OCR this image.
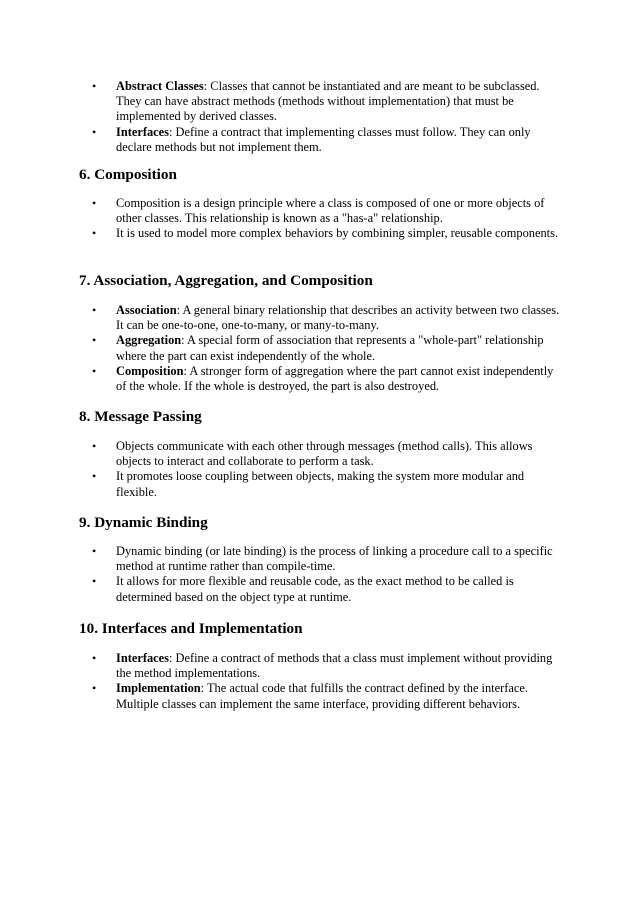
• Abstract Classes: Classes that cannot be instantiated and are meant to be subclassed. They can have abstract methods (methods without implementation) that must be implemented by derived classes.
• Interfaces: Define a contract that implementing classes must follow. They can only declare methods but not implement them.
6. Composition
• Composition is a design principle where a class is composed of one or more objects of other classes. This relationship is known as a "has-a" relationship.
• It is used to model more complex behaviors by combining simpler, reusable components.
7. Association, Aggregation, and Composition
• Association: A general binary relationship that describes an activity between two classes. It can be one-to-one, one-to-many, or many-to-many.
• Aggregation: A special form of association that represents a "whole-part" relationship where the part can exist independently of the whole.
• Composition: A stronger form of aggregation where the part cannot exist independently of the whole. If the whole is destroyed, the part is also destroyed.
8. Message Passing
• Objects communicate with each other through messages (method calls). This allows objects to interact and collaborate to perform a task.
• It promotes loose coupling between objects, making the system more modular and flexible.
9. Dynamic Binding
• Dynamic binding (or late binding) is the process of linking a procedure call to a specific method at runtime rather than compile-time.
• It allows for more flexible and reusable code, as the exact method to be called is determined based on the object type at runtime.
10. Interfaces and Implementation
• Interfaces: Define a contract of methods that a class must implement without providing the method implementations.
• Implementation: The actual code that fulfills the contract defined by the interface. Multiple classes can implement the same interface, providing different behaviors.
